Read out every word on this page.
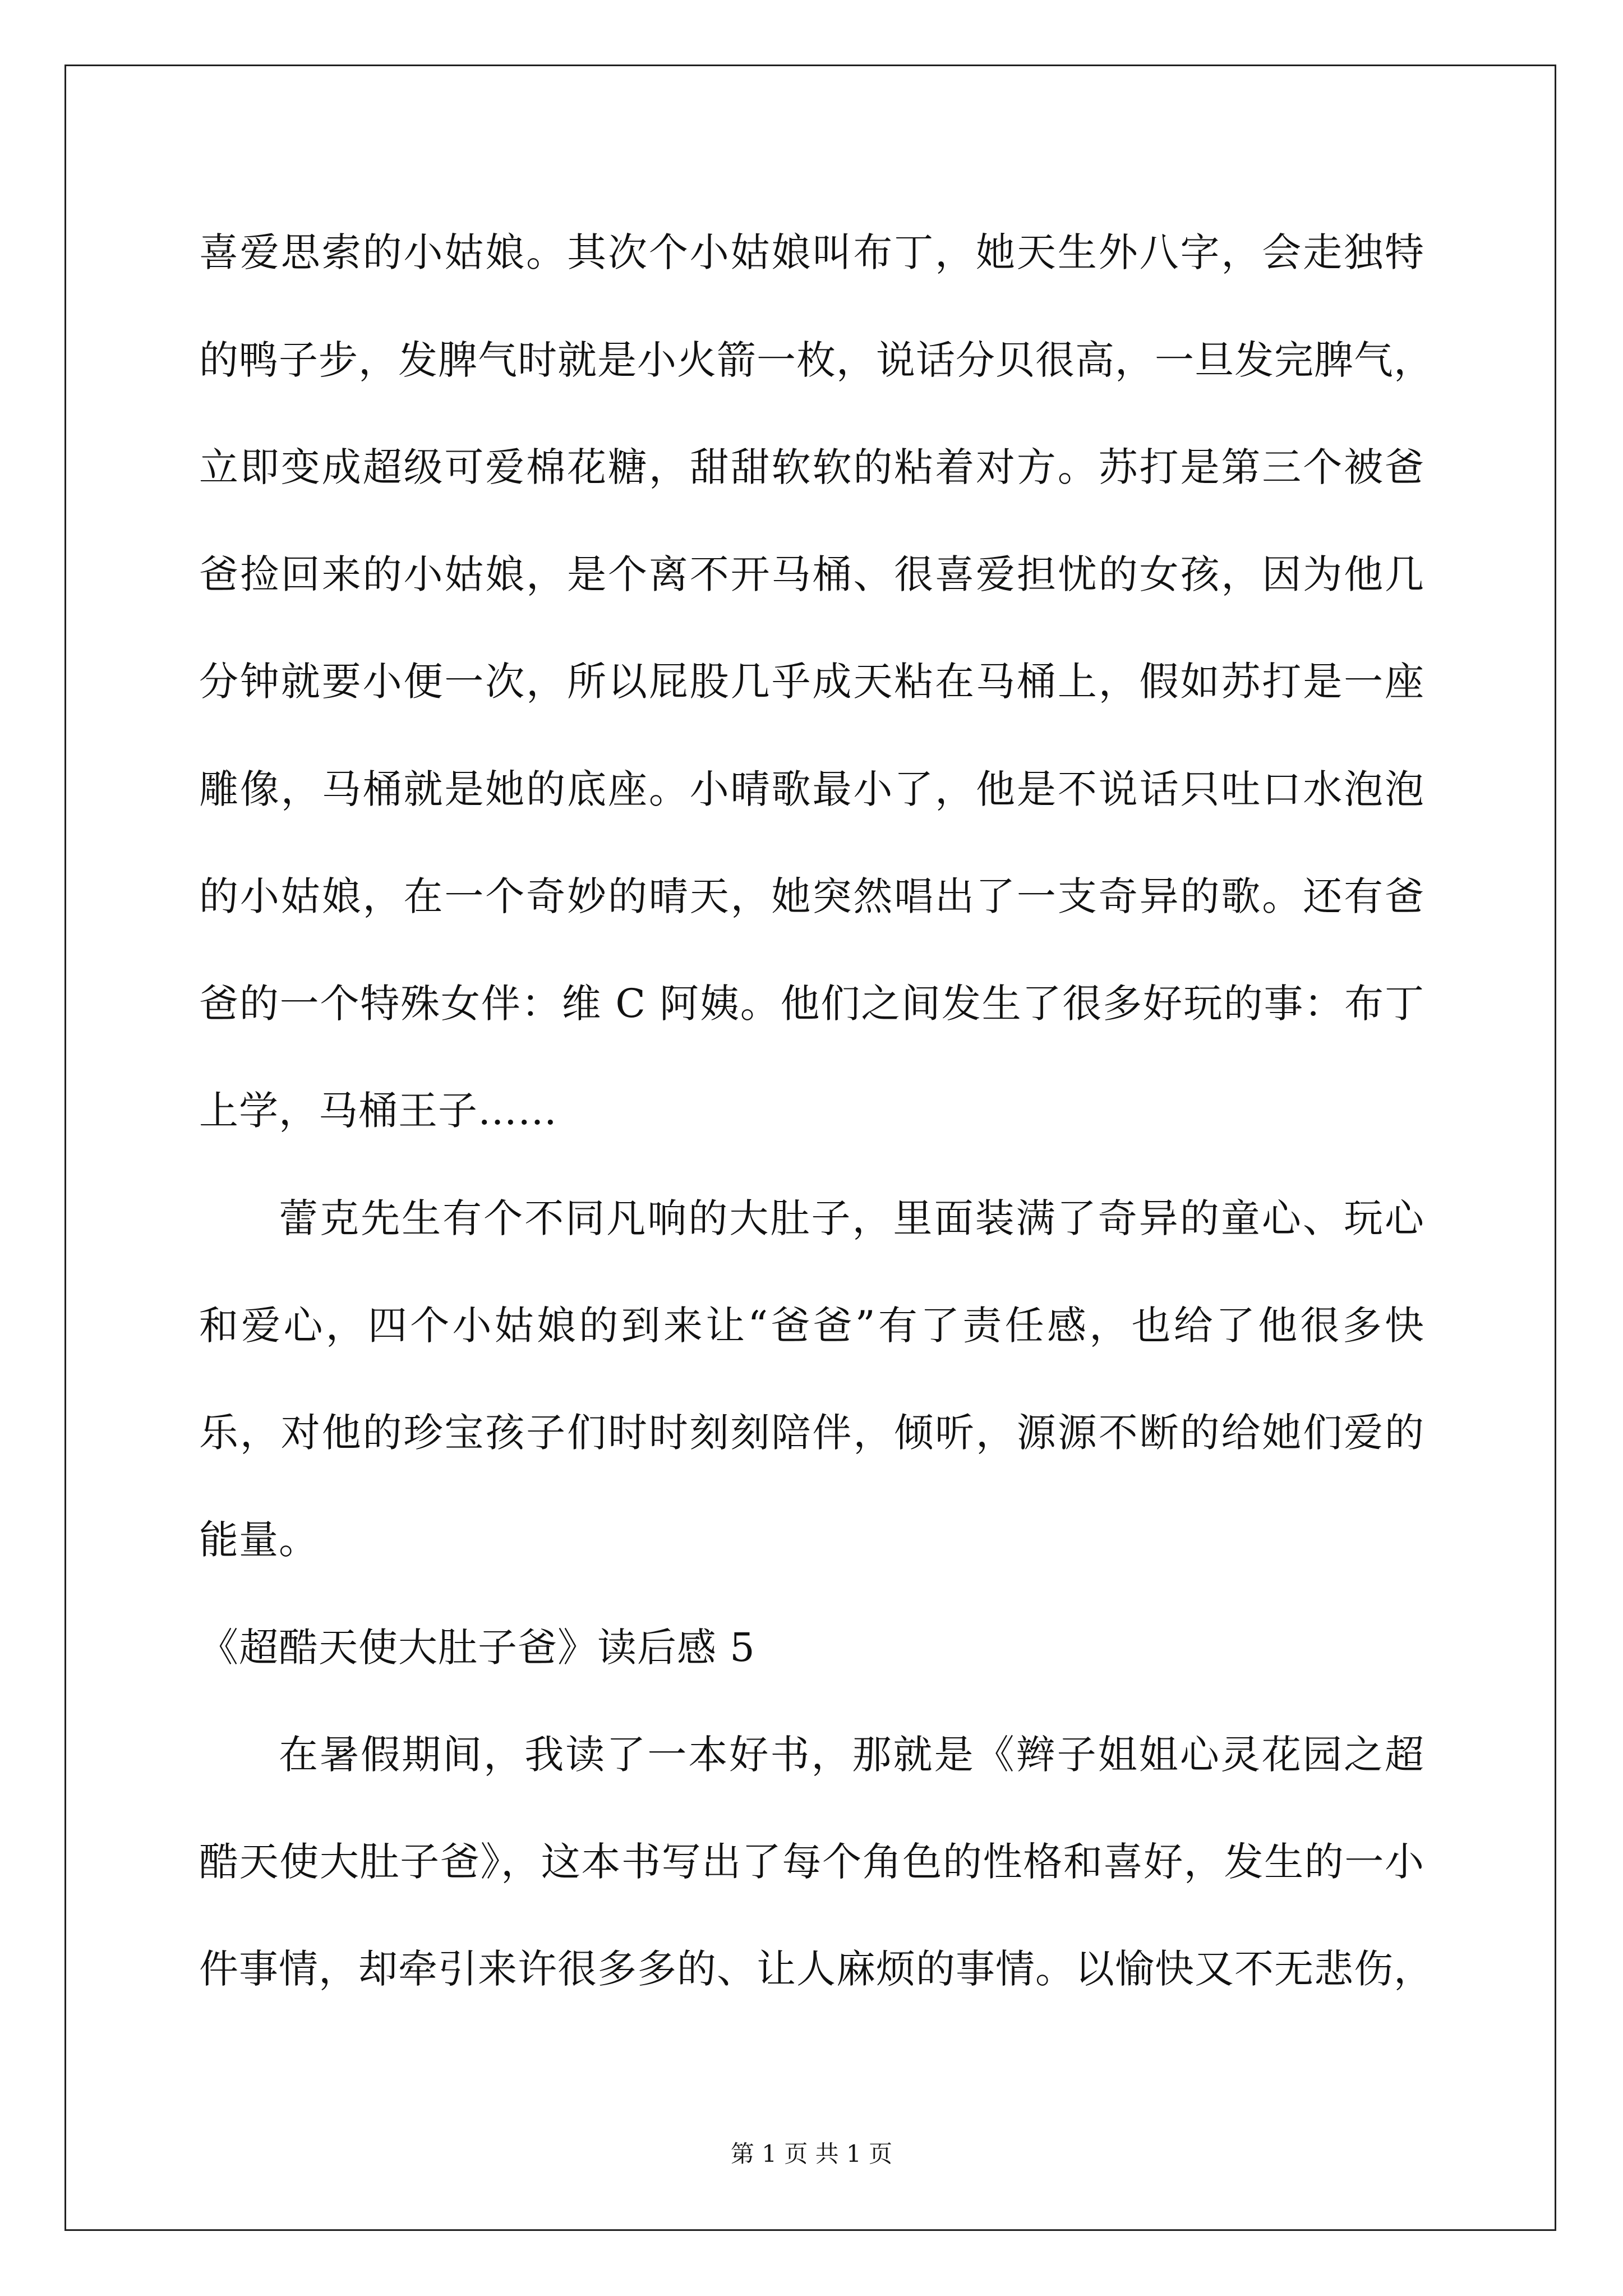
喜爱思索的小姑娘。其次个小姑娘叫布丁，她天生外八字，会走独特
的鸭子步，发脾气时就是小火箭一枚，说话分贝很高，一旦发完脾气，
立即变成超级可爱棉花糖，甜甜软软的粘着对方。苏打是第三个被爸
爸捡回来的小姑娘，是个离不开马桶、很喜爱担忧的女孩，因为他几
分钟就要小便一次，所以屁股几乎成天粘在马桶上，假如苏打是一座
雕像，马桶就是她的底座。小晴歌最小了，他是不说话只吐口水泡泡
的小姑娘，在一个奇妙的晴天，她突然唱出了一支奇异的歌。还有爸
爸的一个特殊女伴：维 C 阿姨。他们之间发生了很多好玩的事：布丁
上学，马桶王子……
蕾克先生有个不同凡响的大肚子，里面装满了奇异的童心、玩心
和爱心，四个小姑娘的到来让“爸爸”有了责任感，也给了他很多快
乐，对他的珍宝孩子们时时刻刻陪伴，倾听，源源不断的给她们爱的
能量。
《超酷天使大肚子爸》读后感 5
在暑假期间，我读了一本好书，那就是《辫子姐姐心灵花园之超
酷天使大肚子爸》，这本书写出了每个角色的性格和喜好，发生的一小
件事情，却牵引来许很多多的、让人麻烦的事情。以愉快又不无悲伤，
第 1 页 共 1 页
